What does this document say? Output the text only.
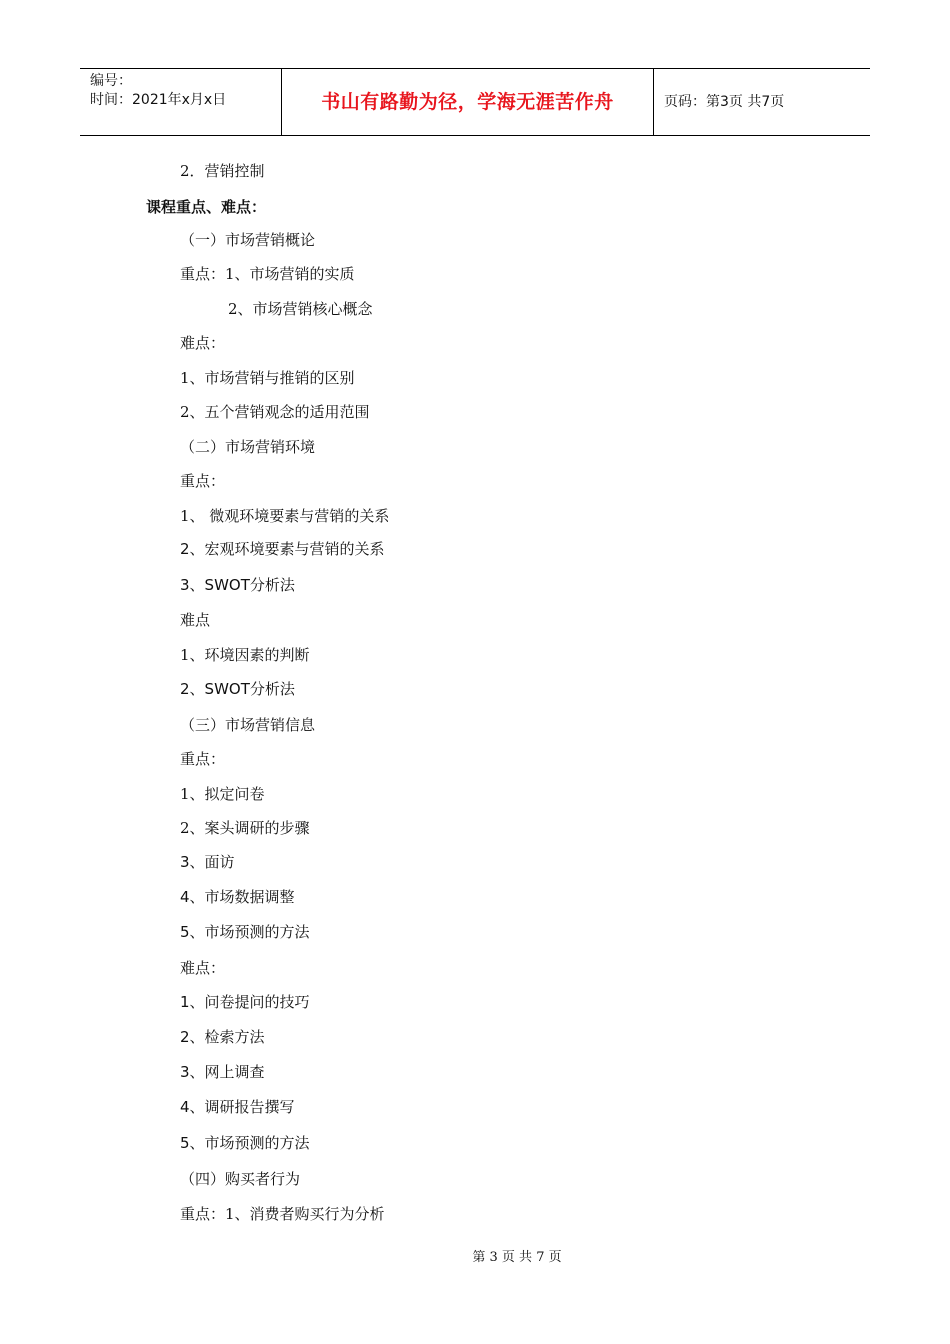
编号：
时间：2021年x月x日	书山有路勤为径，学海无涯苦作舟	页码：第3页 共7页
2．营销控制
课程重点、难点：
（一）市场营销概论
重点：1、市场营销的实质
2、市场营销核心概念
难点：
1、市场营销与推销的区别
2、五个营销观念的适用范围
（二）市场营销环境
重点：
1、 微观环境要素与营销的关系
2、宏观环境要素与营销的关系
3、SWOT分析法
难点
1、环境因素的判断
2、SWOT分析法
（三）市场营销信息
重点：
1、拟定问卷
2、案头调研的步骤
3、面访
4、市场数据调整
5、市场预测的方法
难点：
1、问卷提问的技巧
2、检索方法
3、网上调查
4、调研报告撰写
5、市场预测的方法
（四）购买者行为
重点：1、消费者购买行为分析
第 3 页 共 7 页
